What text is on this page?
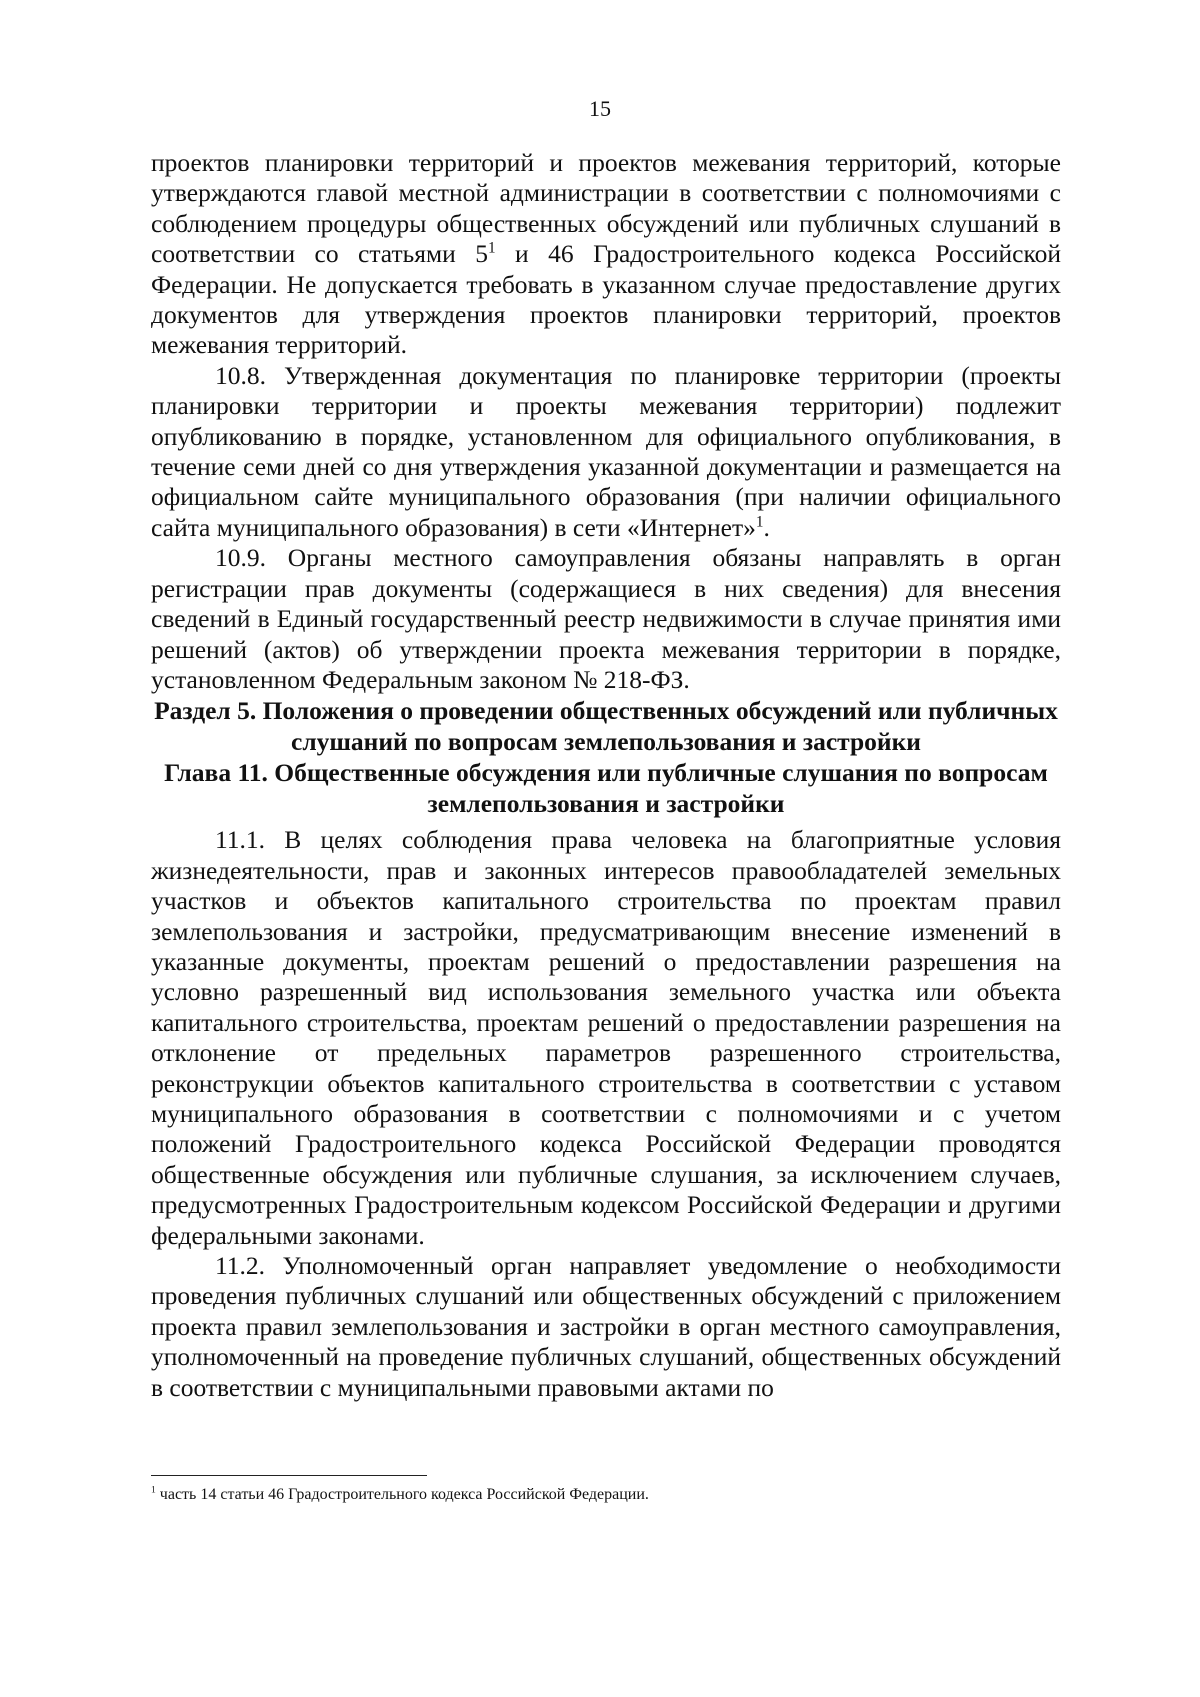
15

проектов планировки территорий и проектов межевания территорий, которые утверждаются главой местной администрации в соответствии с полномочиями с соблюдением процедуры общественных обсуждений или публичных слушаний в соответствии со статьями $5^1$ и 46 Градостроительного кодекса Российской Федерации. Не допускается требовать в указанном случае предоставление других документов для утверждения проектов планировки территорий, проектов межевания территорий.

10.8. Утвержденная документация по планировке территории (проекты планировки территории и проекты межевания территории) подлежит опубликованию в порядке, установленном для официального опубликования, в течение семи дней со дня утверждения указанной документации и размещается на официальном сайте муниципального образования (при наличии официального сайта муниципального образования) в сети «Интернет»$^1$.

10.9. Органы местного самоуправления обязаны направлять в орган регистрации прав документы (содержащиеся в них сведения) для внесения сведений в Единый государственный реестр недвижимости в случае принятия ими решений (актов) об утверждении проекта межевания территории в порядке, установленном Федеральным законом № 218-ФЗ.

Раздел 5. Положения о проведении общественных обсуждений или публичных слушаний по вопросам землепользования и застройки

Глава 11. Общественные обсуждения или публичные слушания по вопросам землепользования и застройки

11.1. В целях соблюдения права человека на благоприятные условия жизнедеятельности, прав и законных интересов правообладателей земельных участков и объектов капитального строительства по проектам правил землепользования и застройки, предусматривающим внесение изменений в указанные документы, проектам решений о предоставлении разрешения на условно разрешенный вид использования земельного участка или объекта капитального строительства, проектам решений о предоставлении разрешения на отклонение от предельных параметров разрешенного строительства, реконструкции объектов капитального строительства в соответствии с уставом муниципального образования в соответствии с полномочиями и с учетом положений Градостроительного кодекса Российской Федерации проводятся общественные обсуждения или публичные слушания, за исключением случаев, предусмотренных Градостроительным кодексом Российской Федерации и другими федеральными законами.

11.2. Уполномоченный орган направляет уведомление о необходимости проведения публичных слушаний или общественных обсуждений с приложением проекта правил землепользования и застройки в орган местного самоуправления, уполномоченный на проведение публичных слушаний, общественных обсуждений в соответствии с муниципальными правовыми актами по

$^1$ часть 14 статьи 46 Градостроительного кодекса Российской Федерации.
